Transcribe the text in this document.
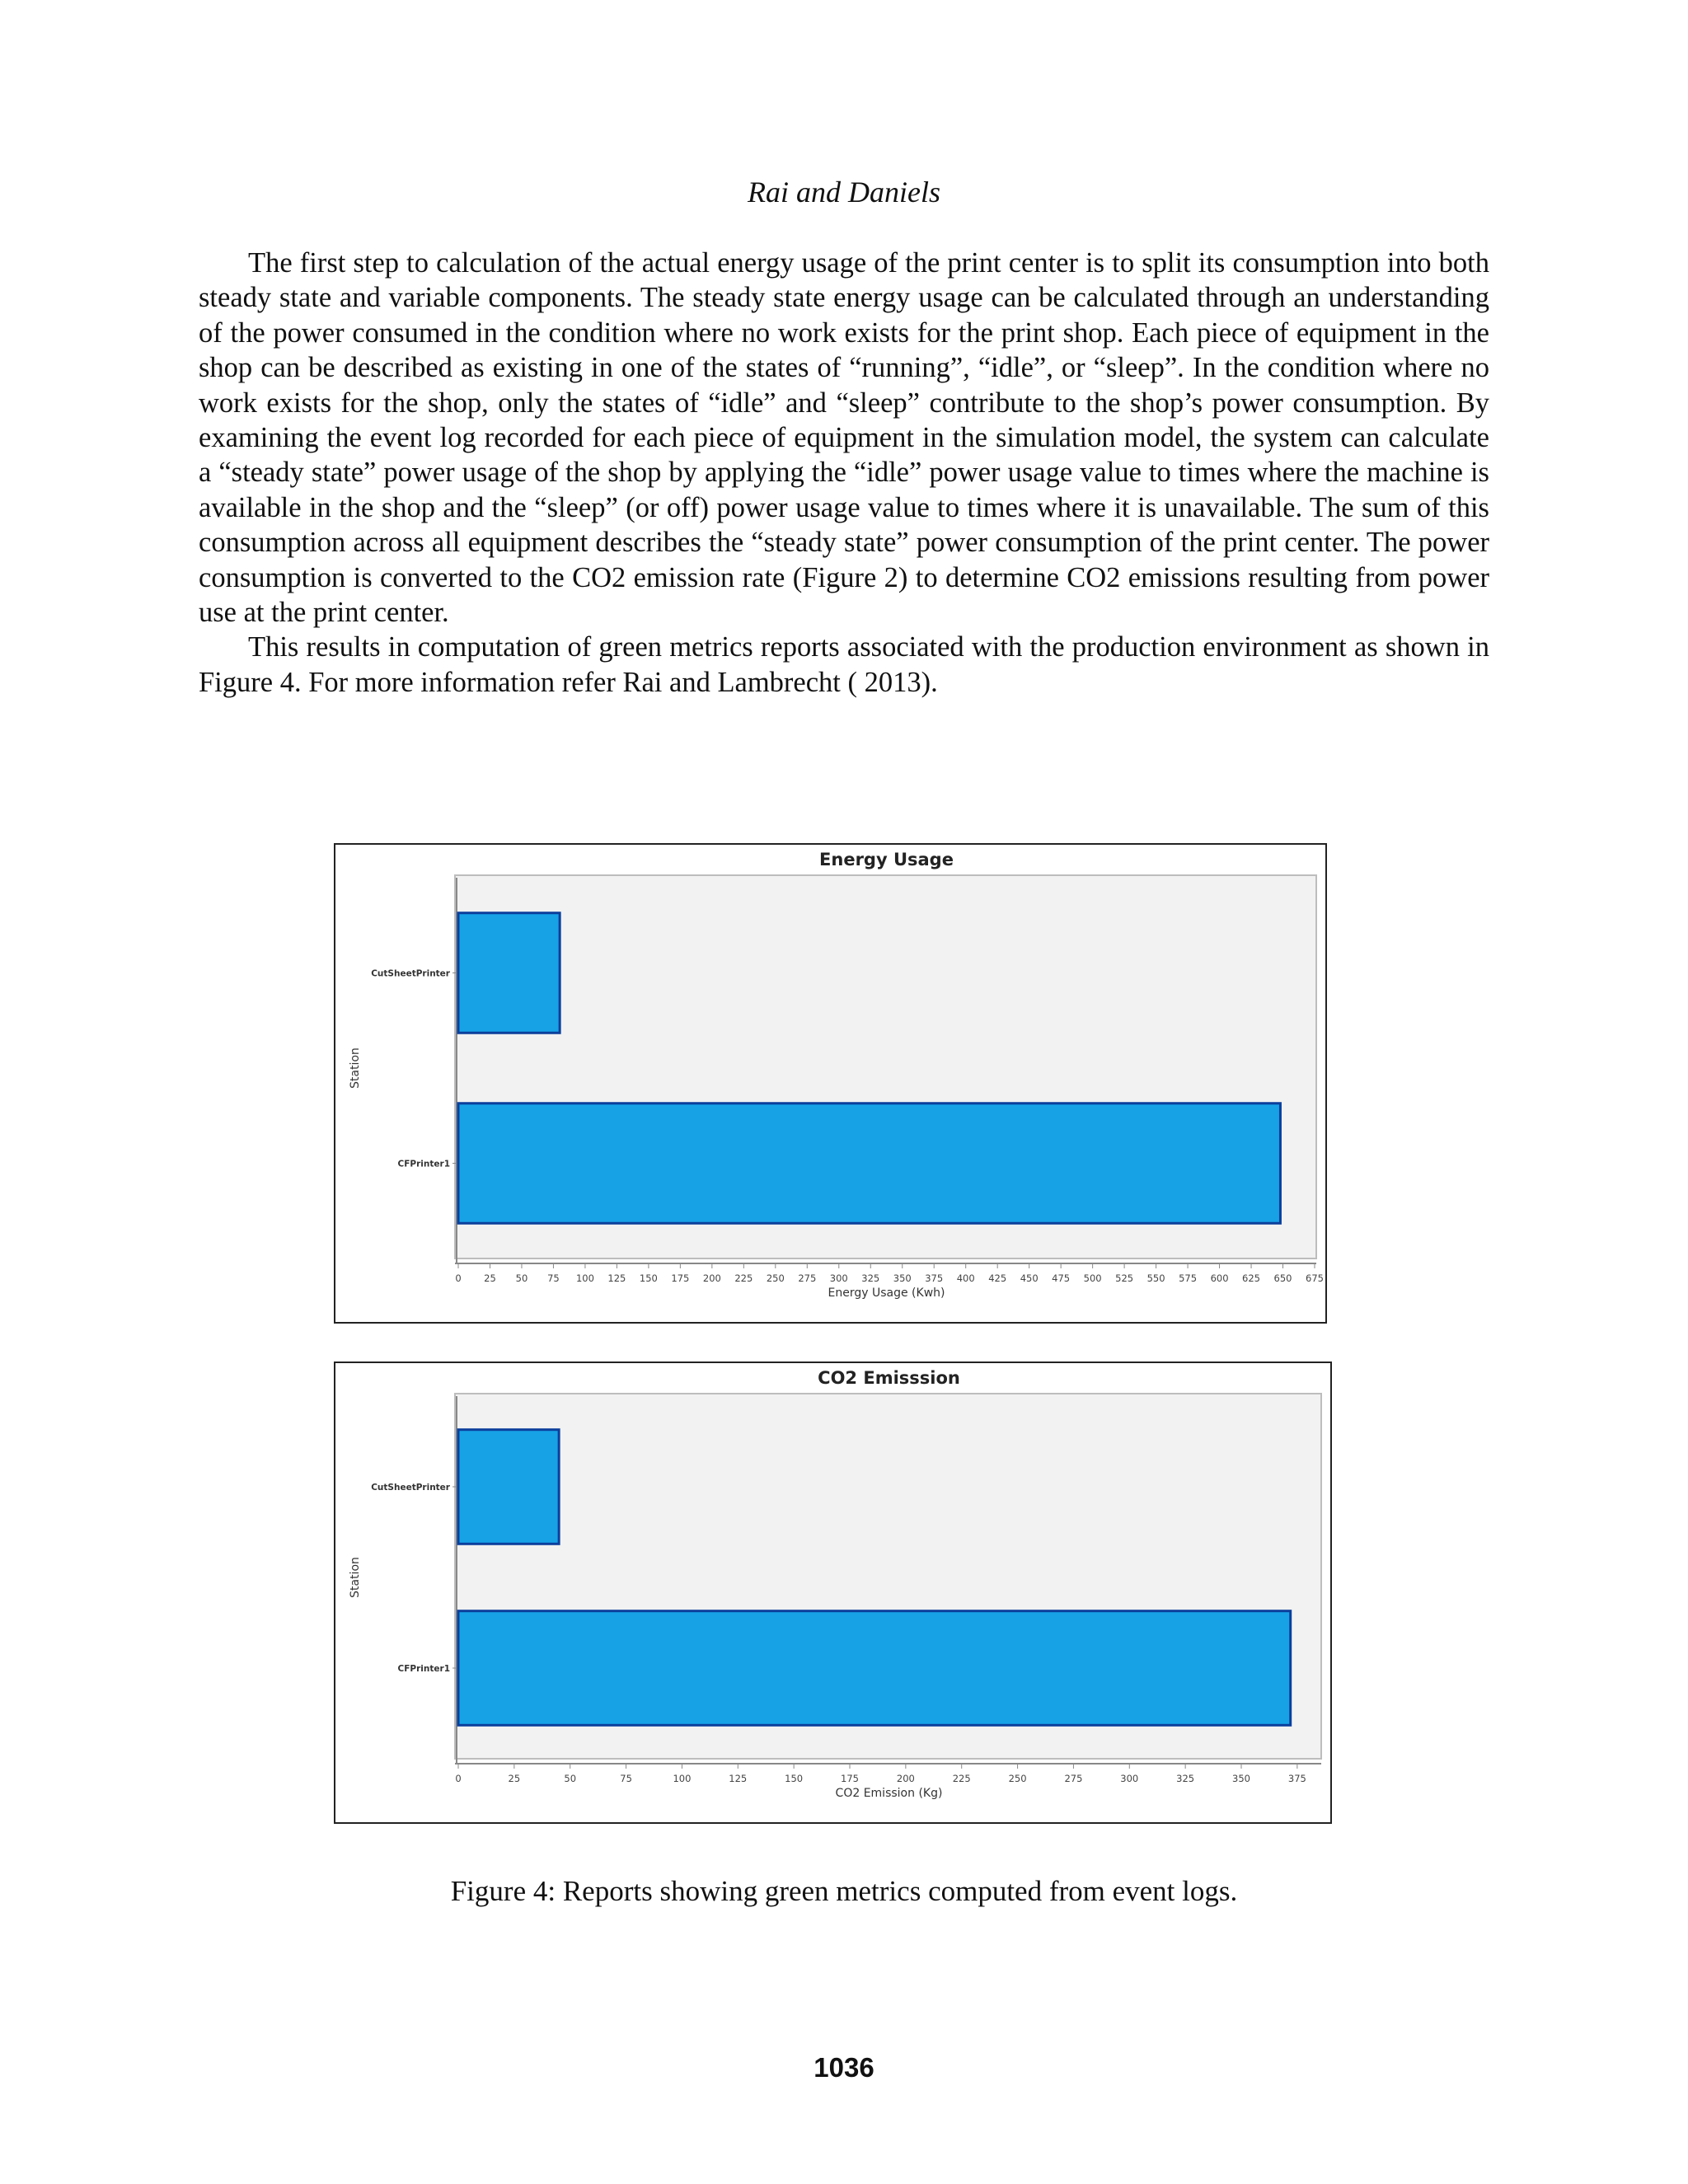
Rai and Daniels

The first step to calculation of the actual energy usage of the print center is to split its consumption into both steady state and variable components. The steady state energy usage can be calculated through an understanding of the power consumed in the condition where no work exists for the print shop. Each piece of equipment in the shop can be described as existing in one of the states of “running”, “idle”, or “sleep”. In the condition where no work exists for the shop, only the states of “idle” and “sleep” contribute to the shop’s power consumption. By examining the event log recorded for each piece of equipment in the simulation model, the system can calculate a “steady state” power usage of the shop by applying the “idle” power usage value to times where the machine is available in the shop and the “sleep” (or off) power usage value to times where it is unavailable. The sum of this consumption across all equipment describes the “steady state” power consumption of the print center. The power consumption is converted to the CO2 emission rate (Figure 2) to determine CO2 emissions resulting from power use at the print center.

This results in computation of green metrics reports associated with the production environment as shown in Figure 4. For more information refer Rai and Lambrecht ( 2013).

Energy Usage
0 25 50 75 100 125 150 175 200 225 250 275 300 325 350 375 400 425 450 475 500 525 550 575 600 625 650 675
Energy Usage (Kwh)
Station
CutSheetPrinter
CFPrinter1
CO2 Emisssion
0	25	50	75	100	125	150	175	200	225	250	275	300	325	350	375
CO2 Emission (Kg)
Station
CutSheetPrinter
CFPrinter1
Figure 4: Reports showing green metrics computed from event logs.
1036
